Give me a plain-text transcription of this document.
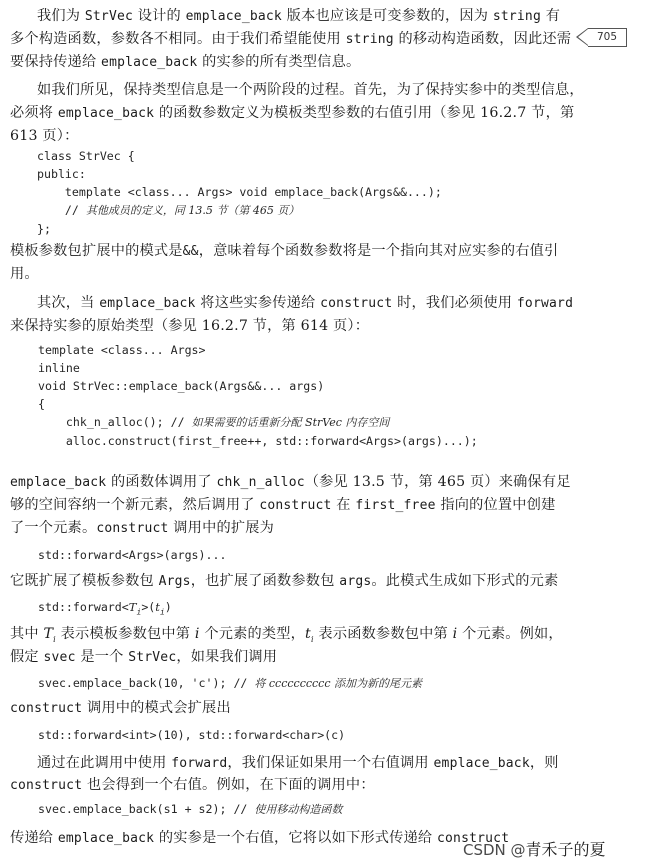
705
我们为 StrVec 设计的 emplace_back 版本也应该是可变参数的，因为 string 有
多个构造函数，参数各不相同。由于我们希望能使用 string 的移动构造函数，因此还需
要保持传递给 emplace_back 的实参的所有类型信息。
如我们所见，保持类型信息是一个两阶段的过程。首先，为了保持实参中的类型信息，
必须将 emplace_back 的函数参数定义为模板类型参数的右值引用（参见 16.2.7 节，第
613 页）：
class StrVec {
public:
template <class... Args> void emplace_back(Args&&...);
// 其他成员的定义，同 13.5 节（第 465 页）
};
模板参数包扩展中的模式是&&，意味着每个函数参数将是一个指向其对应实参的右值引
用。
其次，当 emplace_back 将这些实参传递给 construct 时，我们必须使用 forward
来保持实参的原始类型（参见 16.2.7 节，第 614 页）：
template <class... Args>
inline
void StrVec::emplace_back(Args&&... args)
{
chk_n_alloc(); // 如果需要的话重新分配 StrVec 内存空间
alloc.construct(first_free++, std::forward<Args>(args)...);
emplace_back 的函数体调用了 chk_n_alloc（参见 13.5 节，第 465 页）来确保有足
够的空间容纳一个新元素，然后调用了 construct 在 first_free 指向的位置中创建
了一个元素。construct 调用中的扩展为
std::forward<Args>(args)...
它既扩展了模板参数包 Args，也扩展了函数参数包 args。此模式生成如下形式的元素
$std::forward<T_i>(t_i)$
其中 $T_i$ 表示模板参数包中第 i 个元素的类型，$t_i$ 表示函数参数包中第 i 个元素。例如，
假定 svec 是一个 StrVec，如果我们调用
svec.emplace_back(10, 'c'); // 将 cccccccccc 添加为新的尾元素
construct 调用中的模式会扩展出
std::forward<int>(10), std::forward<char>(c)
通过在此调用中使用 forward，我们保证如果用一个右值调用 emplace_back，则
construct 也会得到一个右值。例如，在下面的调用中：
svec.emplace_back(s1 + s2); // 使用移动构造函数
传递给 emplace_back 的实参是一个右值，它将以如下形式传递给 construct
CSDN @青禾子的夏
